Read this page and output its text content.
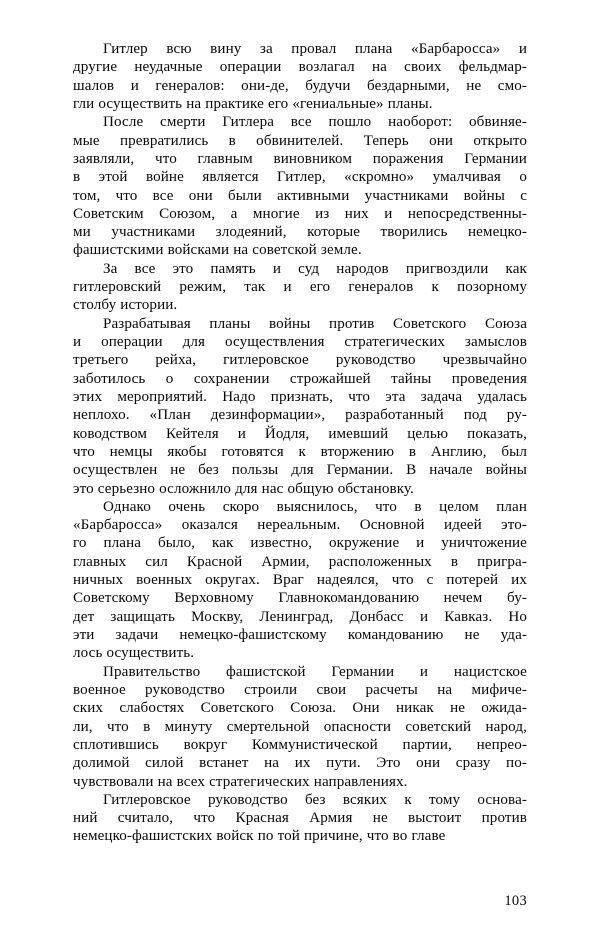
Гитлер всю вину за провал плана «Барбаросса» и
другие неудачные операции возлагал на своих фельдмар-
шалов и генералов: они-де, будучи бездарными, не смо-
гли осуществить на практике его «гениальные» планы.

После смерти Гитлера все пошло наоборот: обвиняе-
мые превратились в обвинителей. Теперь они открыто
заявляли, что главным виновником поражения Германии
в этой войне является Гитлер, «скромно» умалчивая о
том, что все они были активными участниками войны с
Советским Союзом, а многие из них и непосредственны-
ми участниками злодеяний, которые творились немецко-
фашистскими войсками на советской земле.

За все это память и суд народов пригвоздили как
гитлеровский режим, так и его генералов к позорному
столбу истории.

Разрабатывая планы войны против Советского Союза
и операции для осуществления стратегических замыслов
третьего рейха, гитлеровское руководство чрезвычайно
заботилось о сохранении строжайшей тайны проведения
этих мероприятий. Надо признать, что эта задача удалась
неплохо. «План дезинформации», разработанный под ру-
ководством Кейтеля и Йодля, имевший целью показать,
что немцы якобы готовятся к вторжению в Англию, был
осуществлен не без пользы для Германии. В начале войны
это серьезно осложнило для нас общую обстановку.

Однако очень скоро выяснилось, что в целом план
«Барбаросса» оказался нереальным. Основной идеей это-
го плана было, как известно, окружение и уничтожение
главных сил Красной Армии, расположенных в пригра-
ничных военных округах. Враг надеялся, что с потерей их
Советскому Верховному Главнокомандованию нечем бу-
дет защищать Москву, Ленинград, Донбасс и Кавказ. Но
эти задачи немецко-фашистскому командованию не уда-
лось осуществить.

Правительство фашистской Германии и нацистское
военное руководство строили свои расчеты на мифиче-
ских слабостях Советского Союза. Они никак не ожида-
ли, что в минуту смертельной опасности советский народ,
сплотившись вокруг Коммунистической партии, непрео-
долимой силой встанет на их пути. Это они сразу по-
чувствовали на всех стратегических направлениях.

Гитлеровское руководство без всяких к тому основа-
ний считало, что Красная Армия не выстоит против
немецко-фашистских войск по той причине, что во главе

103
